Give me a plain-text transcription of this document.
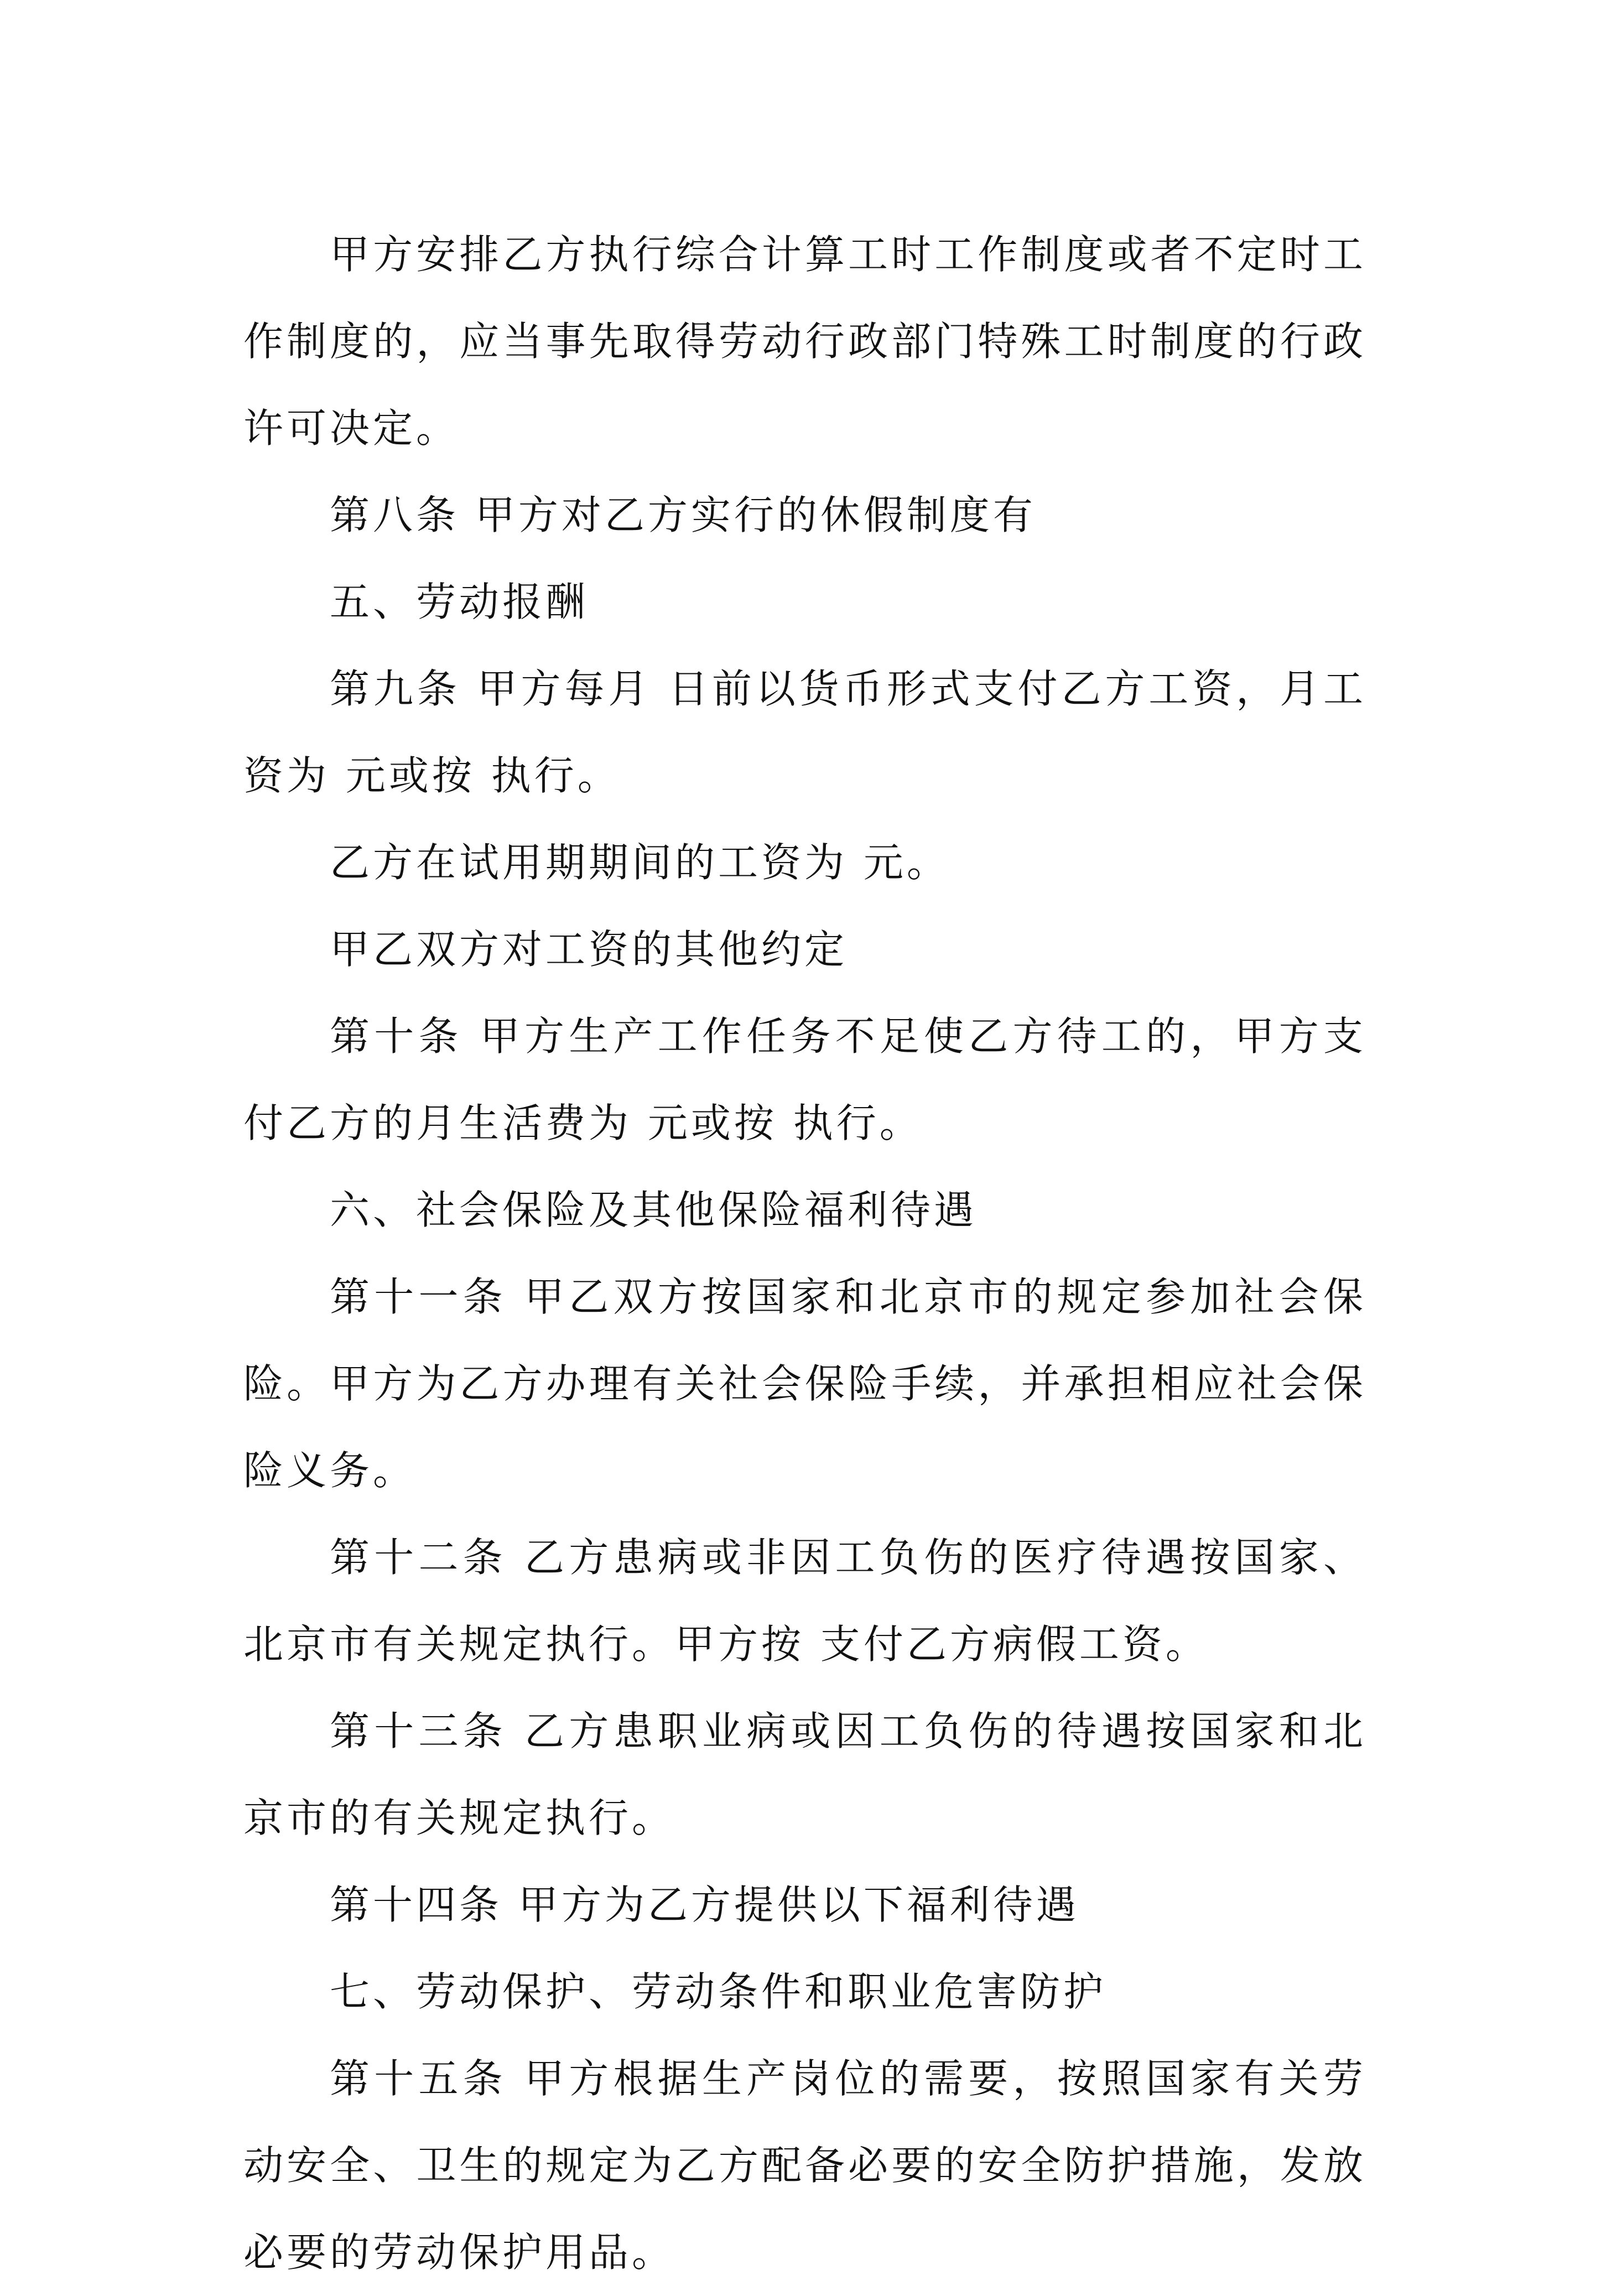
甲方安排乙方执行综合计算工时工作制度或者不定时工作制度的，应当事先取得劳动行政部门特殊工时制度的行政许可决定。

第八条 甲方对乙方实行的休假制度有

五、劳动报酬

第九条 甲方每月 日前以货币形式支付乙方工资，月工资为 元或按 执行。

乙方在试用期期间的工资为 元。

甲乙双方对工资的其他约定

第十条 甲方生产工作任务不足使乙方待工的，甲方支付乙方的月生活费为 元或按 执行。

六、社会保险及其他保险福利待遇

第十一条 甲乙双方按国家和北京市的规定参加社会保险。甲方为乙方办理有关社会保险手续，并承担相应社会保险义务。

第十二条 乙方患病或非因工负伤的医疗待遇按国家、北京市有关规定执行。甲方按 支付乙方病假工资。

第十三条 乙方患职业病或因工负伤的待遇按国家和北京市的有关规定执行。

第十四条 甲方为乙方提供以下福利待遇

七、劳动保护、劳动条件和职业危害防护

第十五条 甲方根据生产岗位的需要，按照国家有关劳动安全、卫生的规定为乙方配备必要的安全防护措施，发放必要的劳动保护用品。
